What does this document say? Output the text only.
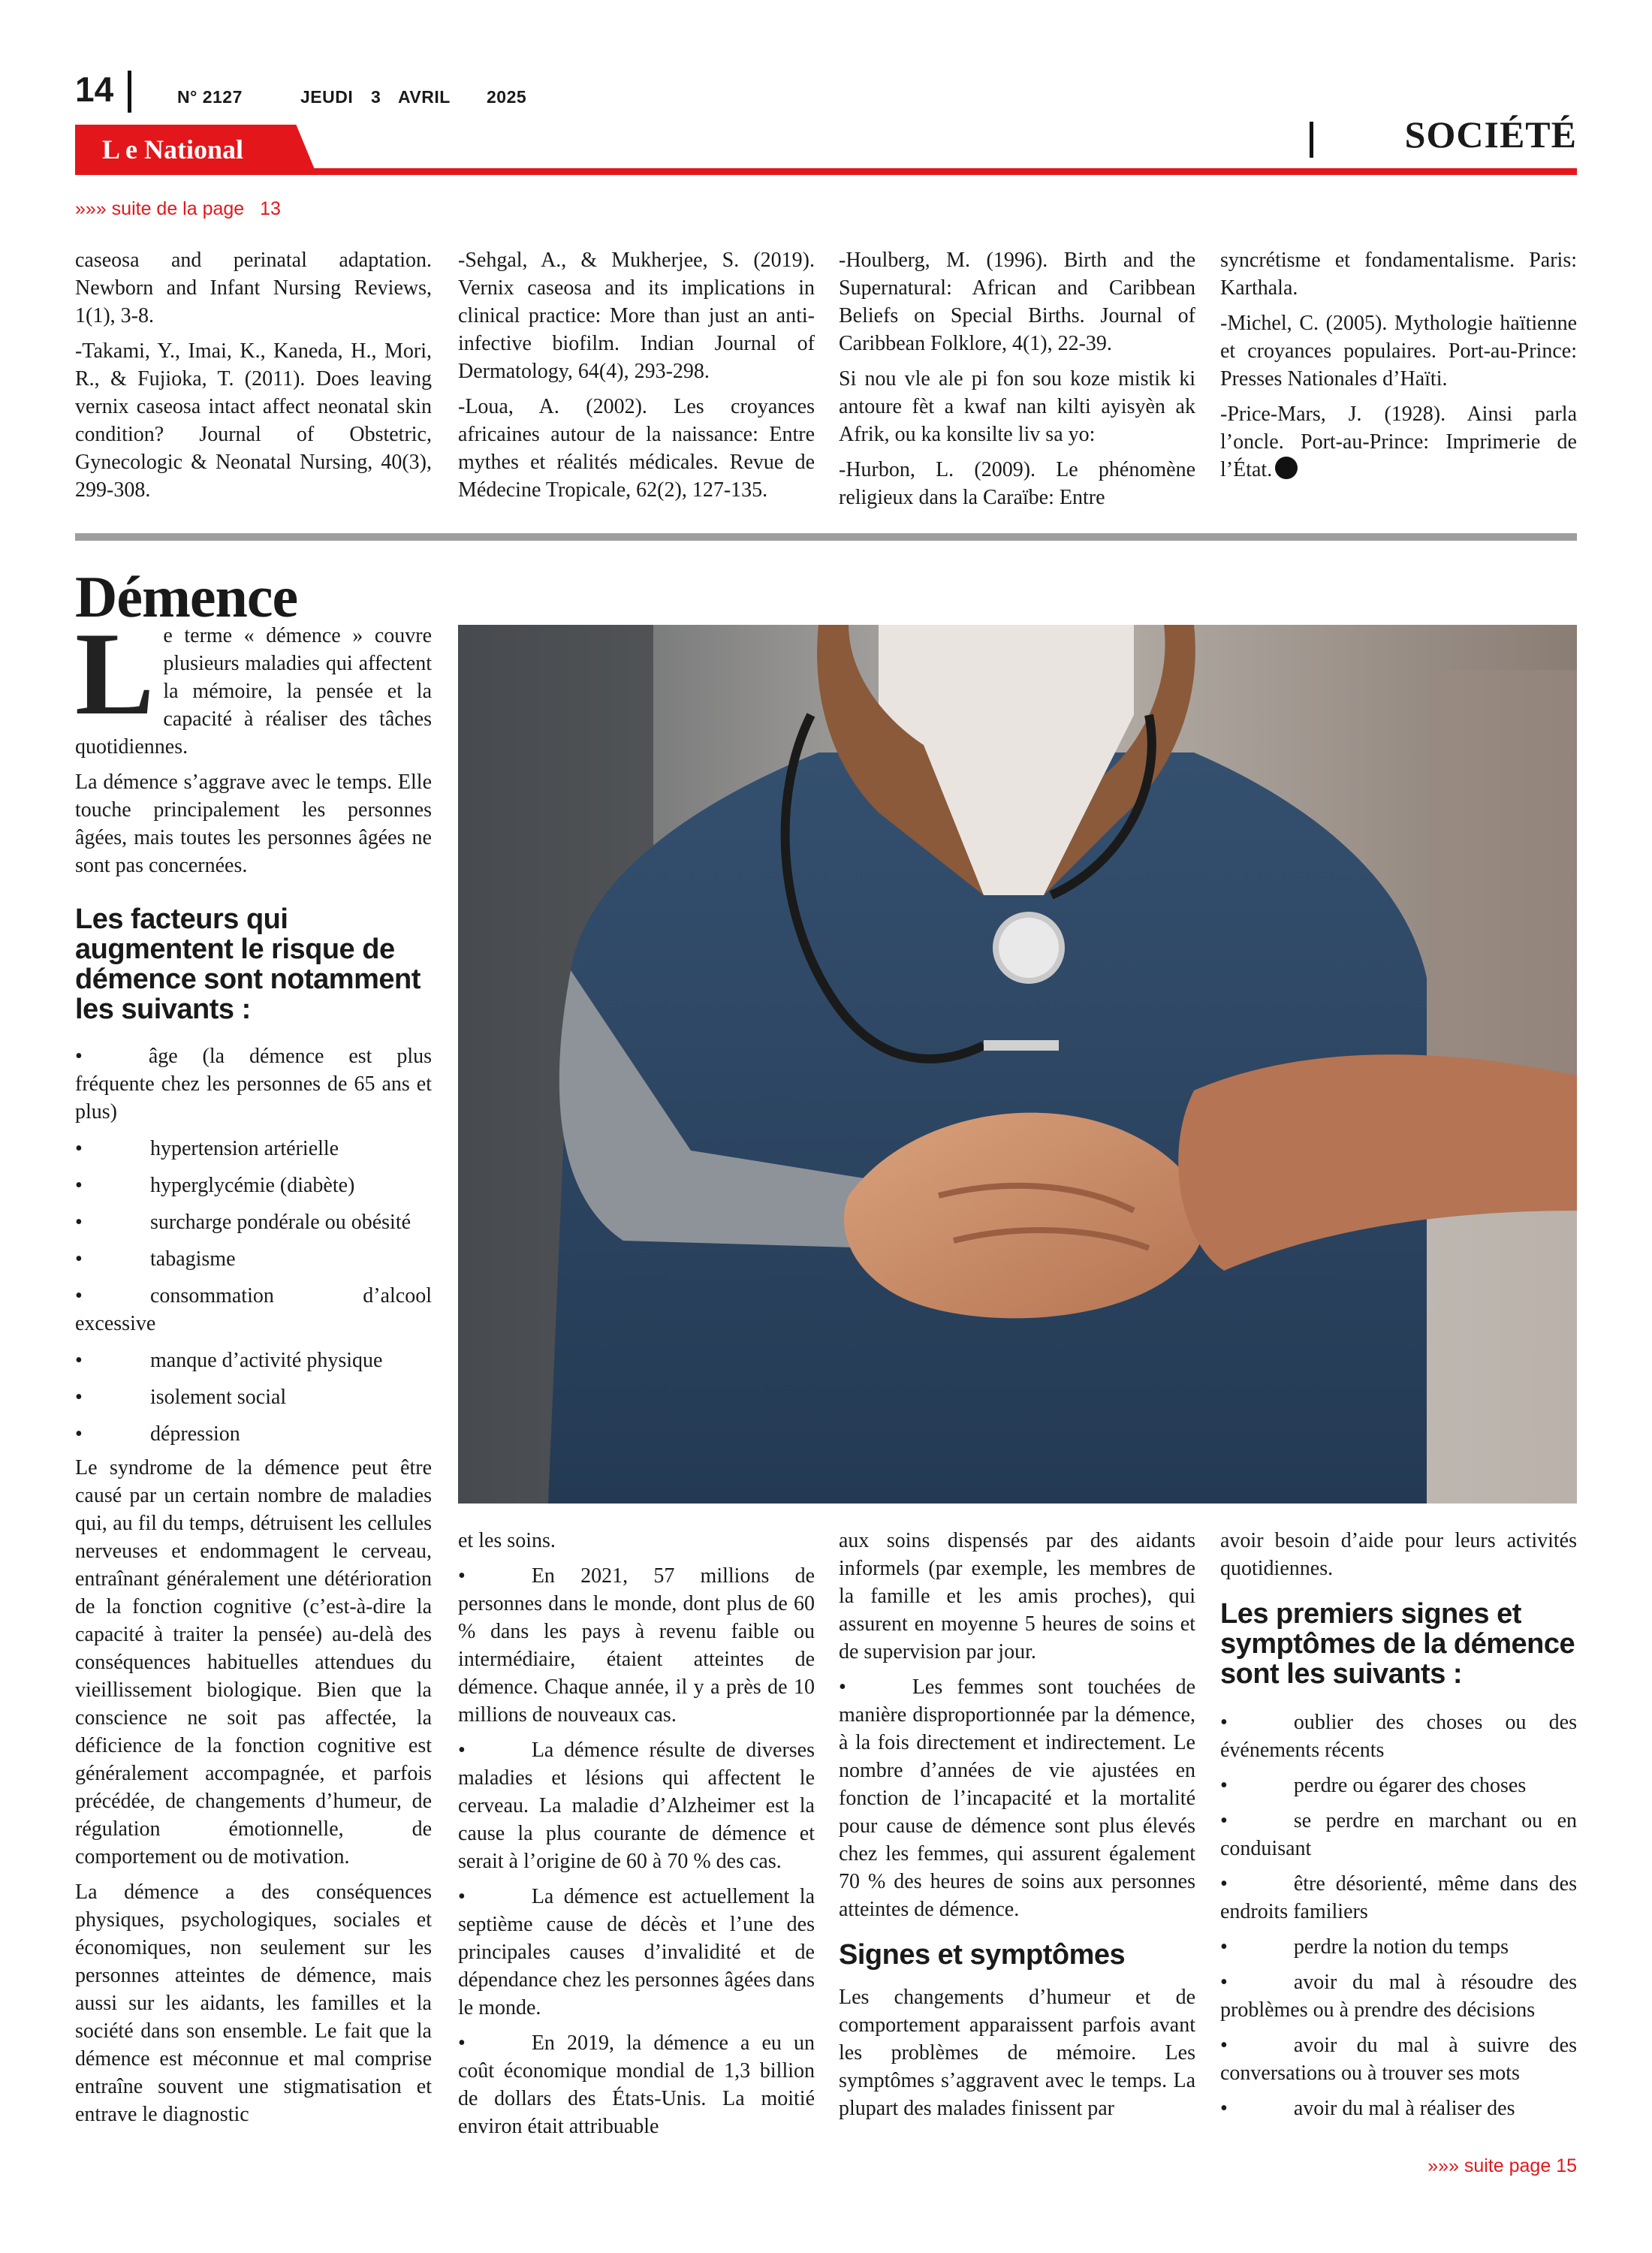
14	N° 2127	JEUDI 3 AVRIL 2025
L e National	SOCIÉTÉ
»»» suite de la page 13

caseosa and perinatal adaptation. Newborn and Infant Nursing Reviews, 1(1), 3-8.

-Takami, Y., Imai, K., Kaneda, H., Mori, R., & Fujioka, T. (2011). Does leaving vernix caseosa intact affect neonatal skin condition? Journal of Obstetric, Gynecologic & Neonatal Nursing, 40(3), 299-308.

-Sehgal, A., & Mukherjee, S. (2019). Vernix caseosa and its implications in clinical practice: More than just an anti-infective biofilm. Indian Journal of Dermatology, 64(4), 293-298.

-Loua, A. (2002). Les croyances africaines autour de la naissance: Entre mythes et réalités médicales. Revue de Médecine Tropicale, 62(2), 127-135.

-Houlberg, M. (1996). Birth and the Supernatural: African and Caribbean Beliefs on Special Births. Journal of Caribbean Folklore, 4(1), 22-39.

Si nou vle ale pi fon sou koze mistik ki antoure fèt a kwaf nan kilti ayisyèn ak Afrik, ou ka konsilte liv sa yo:

-Hurbon, L. (2009). Le phénomène religieux dans la Caraïbe: Entre

syncrétisme et fondamentalisme. Paris: Karthala.

-Michel, C. (2005). Mythologie haïtienne et croyances populaires. Port-au-Prince: Presses Nationales d’Haïti.

-Price-Mars, J. (1928). Ainsi parla l’oncle. Port-au-Prince: Imprimerie de l’État.

Démence

Le terme « démence » couvre plusieurs maladies qui affectent la mémoire, la pensée et la capacité à réaliser des tâches quotidiennes.

La démence s’aggrave avec le temps. Elle touche principalement les personnes âgées, mais toutes les personnes âgées ne sont pas concernées.

Les facteurs qui augmentent le risque de démence sont notamment les suivants :

•	âge (la démence est plus fréquente chez les personnes de 65 ans et plus)

•	hypertension artérielle
•	hyperglycémie (diabète)
•	surcharge pondérale ou obésité
•	tabagisme
•	consommation	d’alcool
excessive
•	manque d’activité physique
•	isolement social
•	dépression

Le syndrome de la démence peut être causé par un certain nombre de maladies qui, au fil du temps, détruisent les cellules nerveuses et endommagent le cerveau, entraînant généralement une détérioration de la fonction cognitive (c’est-à-dire la capacité à traiter la pensée) au-delà des conséquences habituelles attendues du vieillissement biologique. Bien que la conscience ne soit pas affectée, la déficience de la fonction cognitive est généralement accompagnée, et parfois précédée, de changements d’humeur, de régulation émotionnelle, de comportement ou de motivation.

La démence a des conséquences physiques, psychologiques, sociales et économiques, non seulement sur les personnes atteintes de démence, mais aussi sur les aidants, les familles et la société dans son ensemble. Le fait que la démence est méconnue et mal comprise entraîne souvent une stigmatisation et entrave le diagnostic

et les soins.

•	En 2021, 57 millions de personnes dans le monde, dont plus de 60 % dans les pays à revenu faible ou intermédiaire, étaient atteintes de démence. Chaque année, il y a près de 10 millions de nouveaux cas.

•	La démence résulte de diverses maladies et lésions qui affectent le cerveau. La maladie d’Alzheimer est la cause la plus courante de démence et serait à l’origine de 60 à 70 % des cas.

•	La démence est actuellement la septième cause de décès et l’une des principales causes d’invalidité et de dépendance chez les personnes âgées dans le monde.

•	En 2019, la démence a eu un coût économique mondial de 1,3 billion de dollars des États-Unis. La moitié environ était attribuable

aux soins dispensés par des aidants informels (par exemple, les membres de la famille et les amis proches), qui assurent en moyenne 5 heures de soins et de supervision par jour.

•	Les femmes sont touchées de manière disproportionnée par la démence, à la fois directement et indirectement. Le nombre d’années de vie ajustées en fonction de l’incapacité et la mortalité pour cause de démence sont plus élevés chez les femmes, qui assurent également 70 % des heures de soins aux personnes atteintes de démence.

Signes et symptômes

Les changements d’humeur et de comportement apparaissent parfois avant les problèmes de mémoire. Les symptômes s’aggravent avec le temps. La plupart des malades finissent par

avoir besoin d’aide pour leurs activités quotidiennes.

Les premiers signes et symptômes de la démence sont les suivants :

•	oublier des choses ou des événements récents

•	perdre ou égarer des choses

•	se perdre en marchant ou en conduisant

•	être désorienté, même dans des endroits familiers

•	perdre la notion du temps

•	avoir du mal à résoudre des problèmes ou à prendre des décisions

•	avoir du mal à suivre des conversations ou à trouver ses mots

•	avoir du mal à réaliser des

»»» suite page 15
